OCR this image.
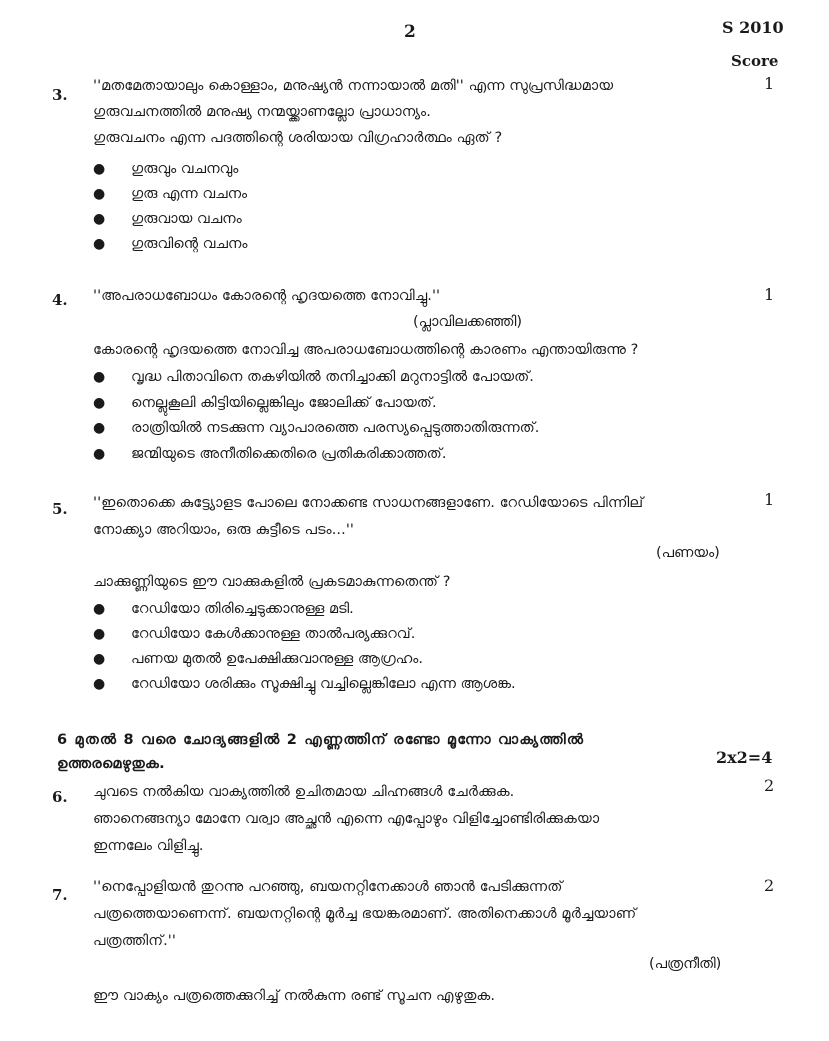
2	S 2010
Score
3.
1
''മതമേതായാലും കൊള്ളാം, മനുഷ്യൻ നന്നായാൽ മതി'' എന്ന സുപ്രസിദ്ധമായ
ഗുരുവചനത്തിൽ മനുഷ്യ നന്മയ്ക്കാണല്ലോ പ്രാധാന്യം.
ഗുരുവചനം എന്ന പദത്തിന്റെ ശരിയായ വിഗ്രഹാർത്ഥം ഏത് ?
● ഗുരുവും വചനവും
● ഗുരു എന്ന വചനം
● ഗുരുവായ വചനം
● ഗുരുവിന്റെ വചനം
4.	1
''അപരാധബോധം കോരന്റെ ഹൃദയത്തെ നോവിച്ചു.''
(പ്ലാവിലക്കഞ്ഞി)
കോരന്റെ ഹൃദയത്തെ നോവിച്ച അപരാധബോധത്തിന്റെ കാരണം എന്തായിരുന്നു ?
● വൃദ്ധ പിതാവിനെ തകഴിയിൽ തനിച്ചാക്കി മറുനാട്ടിൽ പോയത്.
● നെല്ലുകൂലി കിട്ടിയില്ലെങ്കിലും ജോലിക്ക് പോയത്.
● രാത്രിയിൽ നടക്കുന്ന വ്യാപാരത്തെ പരസ്യപ്പെടുത്താതിരുന്നത്.
● ജന്മിയുടെ അനീതിക്കെതിരെ പ്രതികരിക്കാത്തത്.
5.	1
''ഇതൊക്കെ കുട്ട്യോളട പോലെ നോക്കണ്ട സാധനങ്ങളാണേ. റേഡിയോടെ പിന്നില്
നോക്ക്യാ അറിയാം, ഒരു കുട്ടീടെ പടം...''
(പണയം)
ചാക്കുണ്ണിയുടെ ഈ വാക്കുകളിൽ പ്രകടമാകുന്നതെന്ത് ?
● റേഡിയോ തിരിച്ചെടുക്കാനുള്ള മടി.
● റേഡിയോ കേൾക്കാനുള്ള താൽപര്യക്കുറവ്.
● പണയ മുതൽ ഉപേക്ഷിക്കുവാനുള്ള ആഗ്രഹം.
● റേഡിയോ ശരിക്കും സൂക്ഷിച്ചു വച്ചില്ലെങ്കിലോ എന്ന ആശങ്ക.
6 മുതൽ 8 വരെ ചോദ്യങ്ങളിൽ 2 എണ്ണത്തിന് രണ്ടോ മൂന്നോ വാക്യത്തിൽ
2x2=4
ഉത്തരമെഴുതുക.
6.
2
ചുവടെ നൽകിയ വാക്യത്തിൽ ഉചിതമായ ചിഹ്നങ്ങൾ ചേർക്കുക.
ഞാനെങ്ങന്യാ മോനേ വര്വാ അച്ഛൻ എന്നെ എപ്പോഴും വിളിച്ചോണ്ടിരിക്കുകയാ
ഇന്നലേം വിളിച്ചു.
7.	2
''നെപ്പോളിയൻ തുറന്നു പറഞ്ഞു, ബയനറ്റിനേക്കാൾ ഞാൻ പേടിക്കുന്നത്
പത്രത്തെയാണെന്ന്. ബയനറ്റിന്റെ മൂർച്ച ഭയങ്കരമാണ്. അതിനെക്കാൾ മൂർച്ചയാണ്
പത്രത്തിന്.''
(പത്രനീതി)
ഈ വാക്യം പത്രത്തെക്കുറിച്ച് നൽകുന്ന രണ്ട് സൂചന എഴുതുക.
